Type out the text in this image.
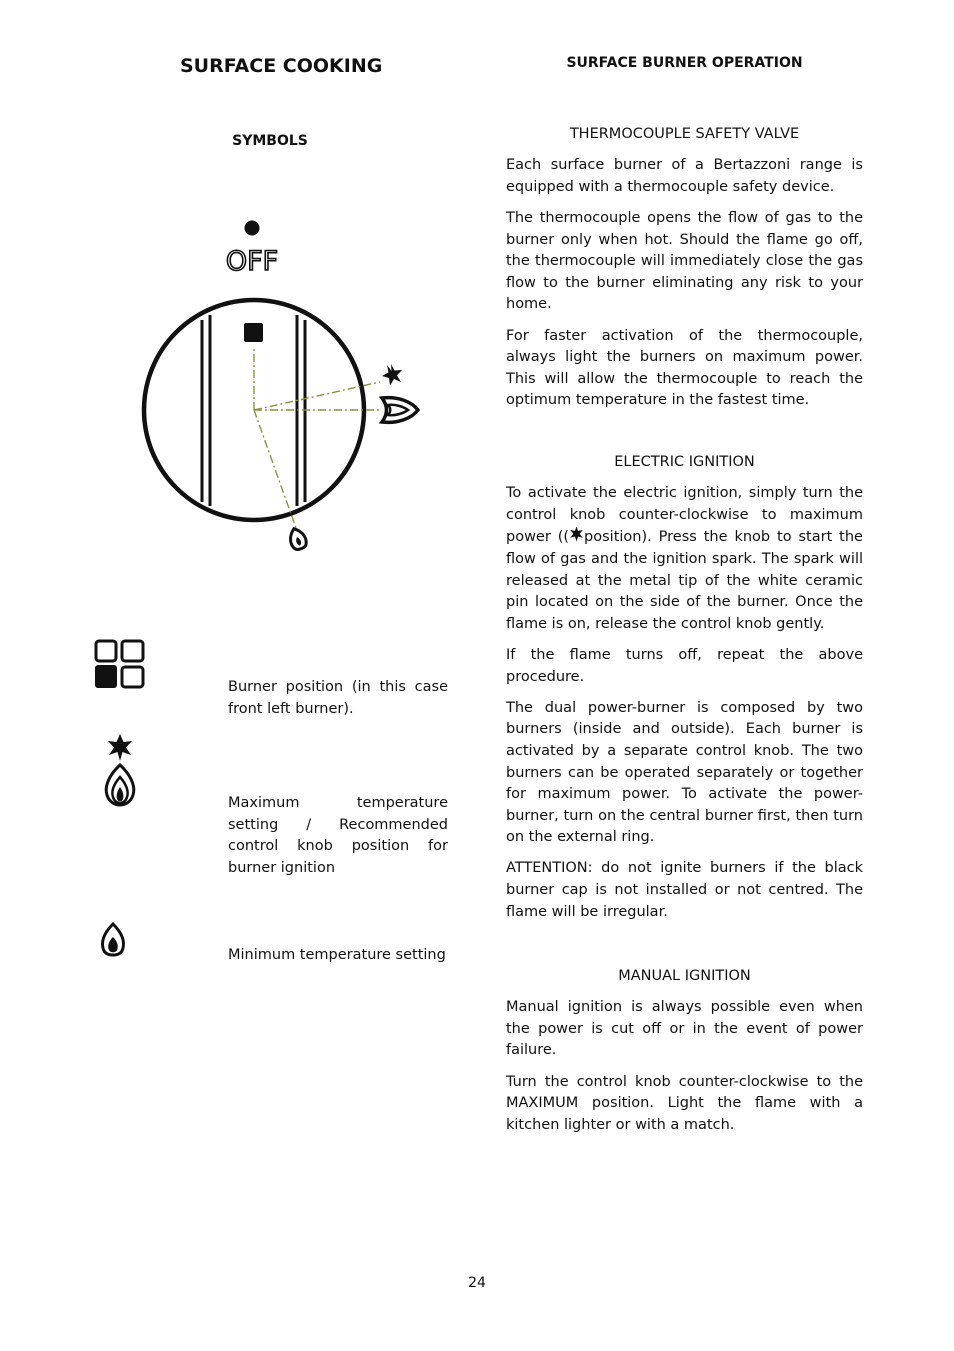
SURFACE COOKING
SYMBOLS
OFF
Burner position (in this case front left burner).
Maximum temperature setting / Recommended control knob position for burner ignition
Minimum temperature setting
SURFACE BURNER OPERATION

THERMOCOUPLE SAFETY VALVE

Each surface burner of a Bertazzoni range is equipped with a thermocouple safety device.

The thermocouple opens the flow of gas to the burner only when hot. Should the flame go off, the thermocouple will immediately close the gas flow to the burner eliminating any risk to your home.

For faster activation of the thermocouple, always light the burners on maximum power. This will allow the thermocouple to reach the optimum temperature in the fastest time.

ELECTRIC IGNITION

To activate the electric ignition, simply turn the control knob counter-clockwise to maximum power (( position). Press the knob to start the flow of gas and the ignition spark. The spark will released at the metal tip of the white ceramic pin located on the side of the burner. Once the flame is on, release the control knob gently.

If the flame turns off, repeat the above procedure.

The dual power-burner is composed by two burners (inside and outside). Each burner is activated by a separate control knob. The two burners can be operated separately or together for maximum power. To activate the power-burner, turn on the central burner first, then turn on the external ring.

ATTENTION: do not ignite burners if the black burner cap is not installed or not centred. The flame will be irregular.

MANUAL IGNITION

Manual ignition is always possible even when the power is cut off or in the event of power failure.

Turn the control knob counter-clockwise to the MAXIMUM position. Light the flame with a kitchen lighter or with a match.

24
